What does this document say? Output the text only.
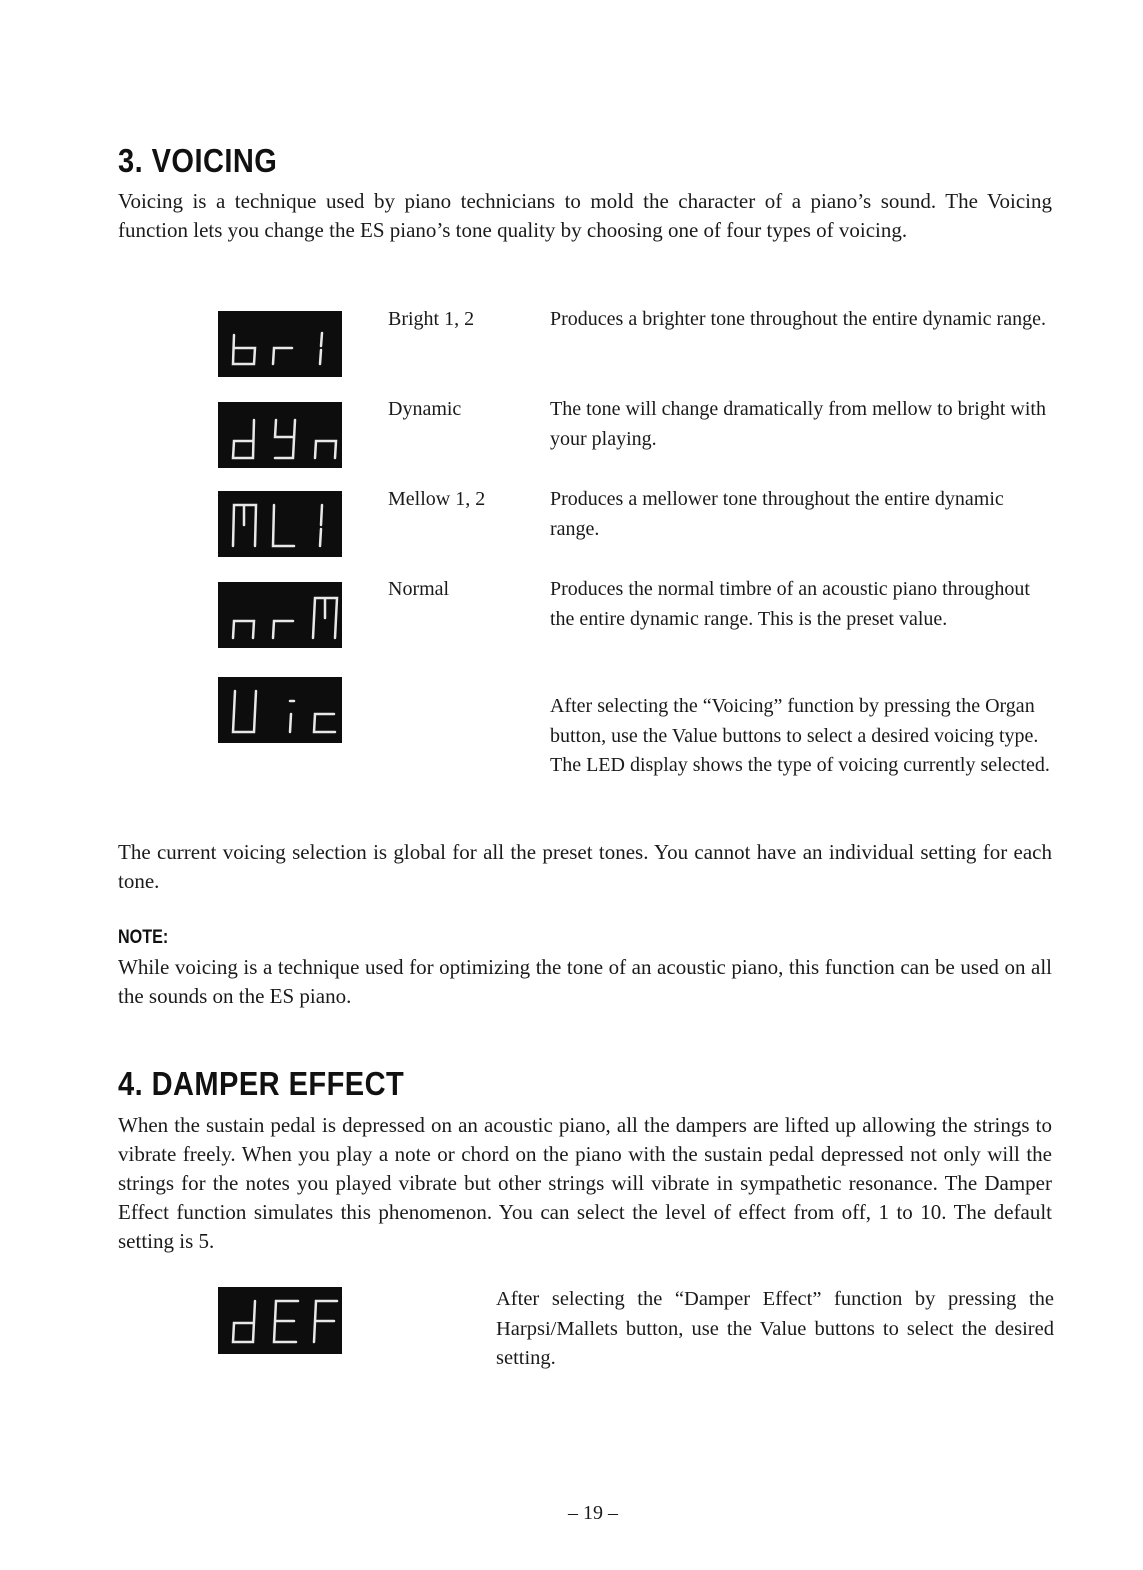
3. VOICING

Voicing is a technique used by piano technicians to mold the character of a piano’s sound. The Voicing function lets you change the ES piano’s tone quality by choosing one of four types of voicing.

Bright 1, 2	Produces a brighter tone throughout the entire dynamic range.

Dynamic	The tone will change dramatically from mellow to bright with your playing.

Mellow 1, 2	Produces a mellower tone throughout the entire dynamic range.

Normal	Produces the normal timbre of an acoustic piano throughout the entire dynamic range. This is the preset value.

After selecting the “Voicing” function by pressing the Organ button, use the Value buttons to select a desired voicing type. The LED display shows the type of voicing currently selected.

The current voicing selection is global for all the preset tones. You cannot have an individual setting for each tone.

NOTE:

While voicing is a technique used for optimizing the tone of an acoustic piano, this function can be used on all the sounds on the ES piano.

4. DAMPER EFFECT

When the sustain pedal is depressed on an acoustic piano, all the dampers are lifted up allowing the strings to vibrate freely. When you play a note or chord on the piano with the sustain pedal depressed not only will the strings for the notes you played vibrate but other strings will vibrate in sympathetic resonance. The Damper Effect function simulates this phenomenon. You can select the level of effect from off, 1 to 10. The default setting is 5.

After selecting the “Damper Effect” function by pressing the Harpsi/Mallets button, use the Value buttons to select the desired setting.

– 19 –
